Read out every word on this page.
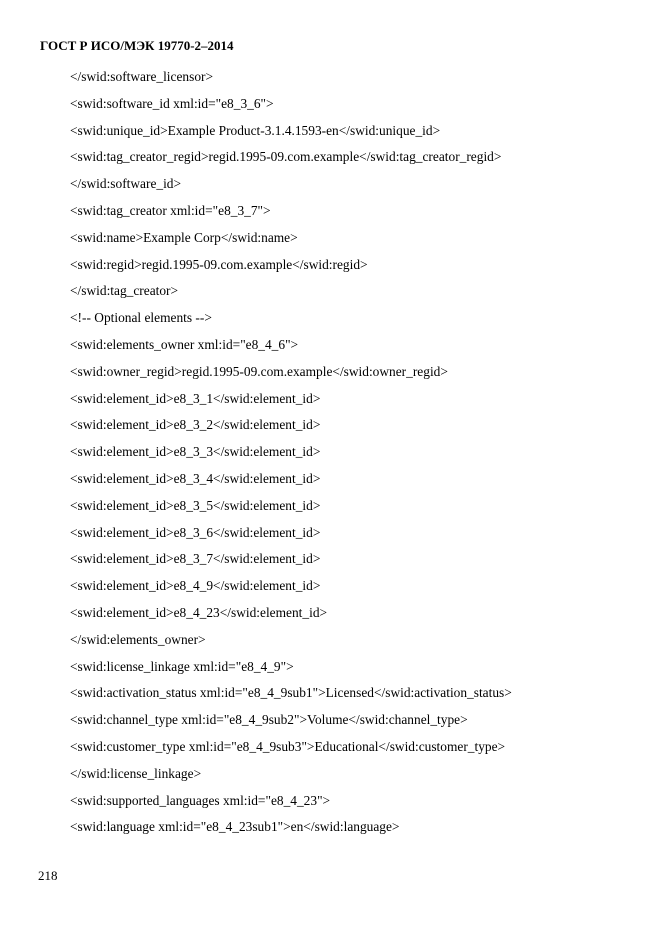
ГОСТ Р ИСО/МЭК 19770-2–2014
</swid:software_licensor>
<swid:software_id xml:id="e8_3_6">
<swid:unique_id>Example Product-3.1.4.1593-en</swid:unique_id>
<swid:tag_creator_regid>regid.1995-09.com.example</swid:tag_creator_regid>
</swid:software_id>
<swid:tag_creator xml:id="e8_3_7">
<swid:name>Example Corp</swid:name>
<swid:regid>regid.1995-09.com.example</swid:regid>
</swid:tag_creator>
<!-- Optional elements -->
<swid:elements_owner xml:id="e8_4_6">
<swid:owner_regid>regid.1995-09.com.example</swid:owner_regid>
<swid:element_id>e8_3_1</swid:element_id>
<swid:element_id>e8_3_2</swid:element_id>
<swid:element_id>e8_3_3</swid:element_id>
<swid:element_id>e8_3_4</swid:element_id>
<swid:element_id>e8_3_5</swid:element_id>
<swid:element_id>e8_3_6</swid:element_id>
<swid:element_id>e8_3_7</swid:element_id>
<swid:element_id>e8_4_9</swid:element_id>
<swid:element_id>e8_4_23</swid:element_id>
</swid:elements_owner>
<swid:license_linkage xml:id="e8_4_9">
<swid:activation_status xml:id="e8_4_9sub1">Licensed</swid:activation_status>
<swid:channel_type xml:id="e8_4_9sub2">Volume</swid:channel_type>
<swid:customer_type xml:id="e8_4_9sub3">Educational</swid:customer_type>
</swid:license_linkage>
<swid:supported_languages xml:id="e8_4_23">
<swid:language xml:id="e8_4_23sub1">en</swid:language>
218
